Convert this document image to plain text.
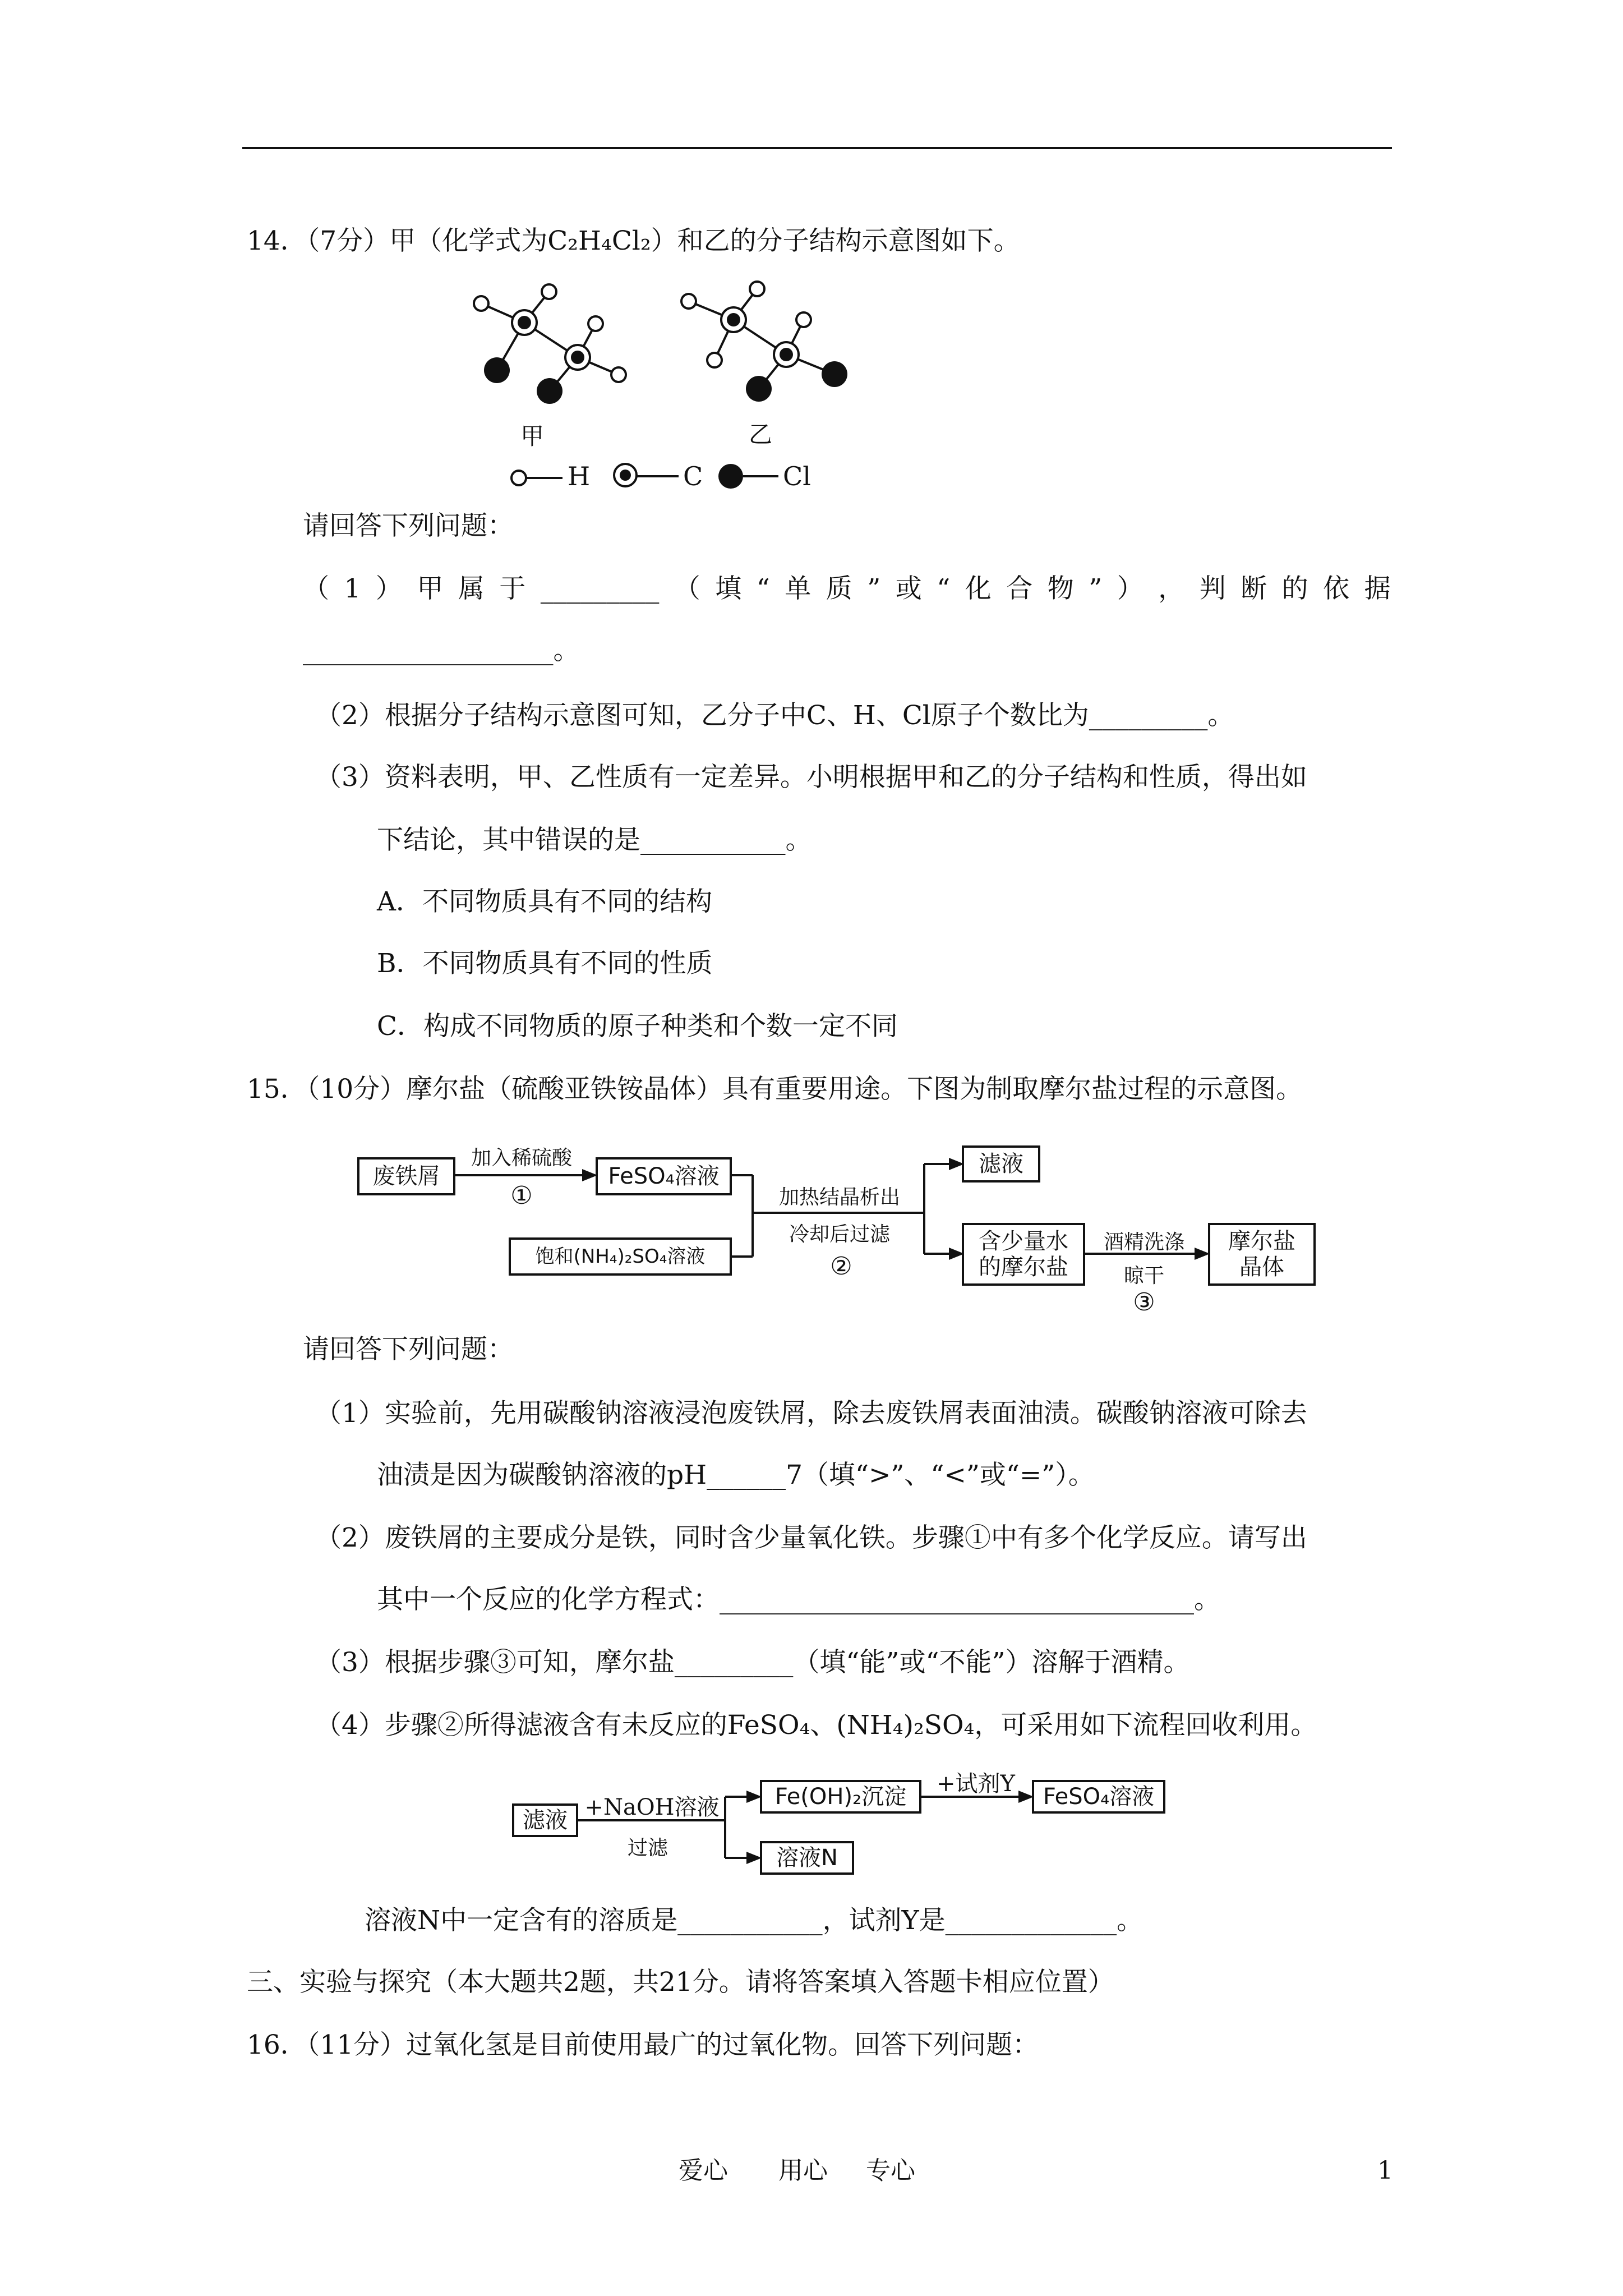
14．（7分）甲（化学式为C₂H₄Cl₂）和乙的分子结构示意图如下。
甲	乙
H	C	Cl
请回答下列问题：
（ 1 ） 甲 属 于 _________ （ 填 “ 单 质 ” 或 “ 化 合 物 ” ） ， 判 断 的 依 据
___________________。
（2）根据分子结构示意图可知，乙分子中C、H、Cl原子个数比为_________。
（3）资料表明，甲、乙性质有一定差异。小明根据甲和乙的分子结构和性质，得出如
下结论，其中错误的是___________。
A．不同物质具有不同的结构
B．不同物质具有不同的性质
C．构成不同物质的原子种类和个数一定不同
15．（10分）摩尔盐（硫酸亚铁铵晶体）具有重要用途。下图为制取摩尔盐过程的示意图。
废铁屑
加入稀硫酸
①
FeSO₄溶液
饱和(NH₄)₂SO₄溶液
加热结晶析出
冷却后过滤
②
滤液
含少量水
的摩尔盐
酒精洗涤
晾干
③
摩尔盐
晶体
请回答下列问题：
（1）实验前，先用碳酸钠溶液浸泡废铁屑，除去废铁屑表面油渍。碳酸钠溶液可除去
油渍是因为碳酸钠溶液的pH______7（填“>”、“<”或“=”）。
（2）废铁屑的主要成分是铁，同时含少量氧化铁。步骤①中有多个化学反应。请写出
其中一个反应的化学方程式：____________________________________。
（3）根据步骤③可知，摩尔盐_________（填“能”或“不能”）溶解于酒精。
（4）步骤②所得滤液含有未反应的FeSO₄、(NH₄)₂SO₄，可采用如下流程回收利用。
滤液 +NaOH溶液
过滤
Fe(OH)₂沉淀 +试剂Y FeSO₄溶液
溶液N
溶液N中一定含有的溶质是___________，试剂Y是_____________。
三、实验与探究（本大题共2题，共21分。请将答案填入答题卡相应位置）
16．（11分）过氧化氢是目前使用最广的过氧化物。回答下列问题：
爱心 用心 专心	1
